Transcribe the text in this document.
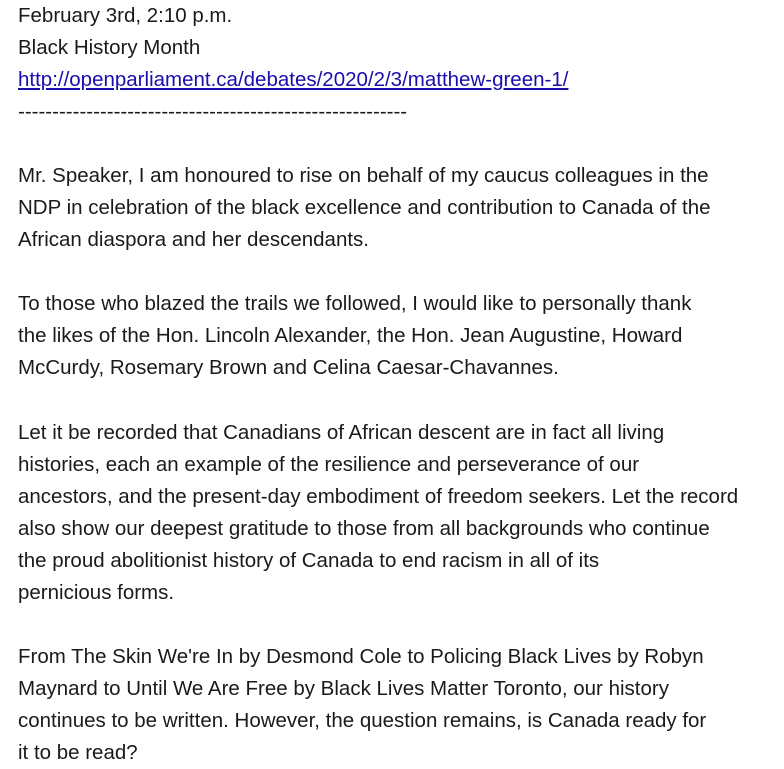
February 3rd, 2:10 p.m.
Black History Month
http://openparliament.ca/debates/2020/2/3/matthew-green-1/
---------------------------------------------------------
Mr. Speaker, I am honoured to rise on behalf of my caucus colleagues in the
NDP in celebration of the black excellence and contribution to Canada of the
African diaspora and her descendants.
To those who blazed the trails we followed, I would like to personally thank
the likes of the Hon. Lincoln Alexander, the Hon. Jean Augustine, Howard
McCurdy, Rosemary Brown and Celina Caesar-Chavannes.
Let it be recorded that Canadians of African descent are in fact all living
histories, each an example of the resilience and perseverance of our
ancestors, and the present-day embodiment of freedom seekers. Let the record
also show our deepest gratitude to those from all backgrounds who continue
the proud abolitionist history of Canada to end racism in all of its
pernicious forms.
From The Skin We're In by Desmond Cole to Policing Black Lives by Robyn
Maynard to Until We Are Free by Black Lives Matter Toronto, our history
continues to be written. However, the question remains, is Canada ready for
it to be read?
